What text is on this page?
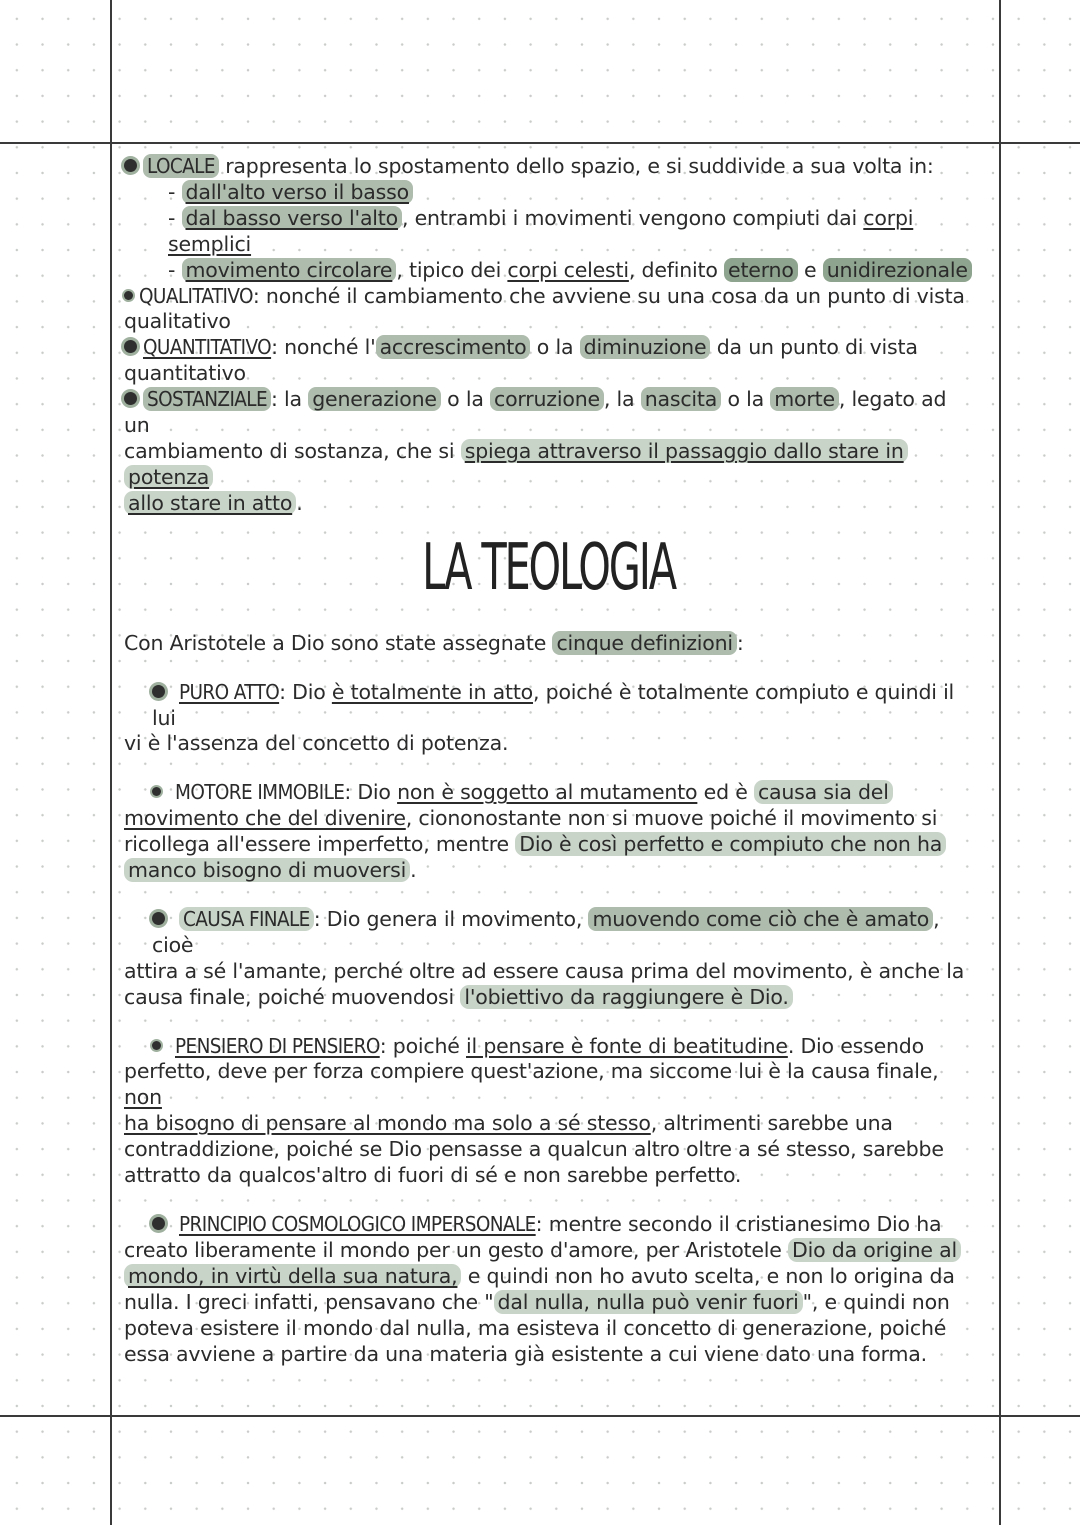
LOCALE rappresenta lo spostamento dello spazio, e si suddivide a sua volta in:
- dall'alto verso il basso
- dal basso verso l'alto , entrambi i movimenti vengono compiuti dai corpi semplici
- movimento circolare , tipico dei corpi celesti, definito eterno e unidirezionale
QUALITATIVO: nonché il cambiamento che avviene su una cosa da un punto di vista
qualitativo
QUANTITATIVO: nonché l' accrescimento o la diminuzione da un punto di vista
quantitativo
SOSTANZIALE : la generazione o la corruzione , la nascita o la morte , legato ad un
cambiamento di sostanza, che si spiega attraverso il passaggio dallo stare in potenza
allo stare in atto .
LA TEOLOGIA
Con Aristotele a Dio sono state assegnate cinque definizioni :
PURO ATTO: Dio è totalmente in atto, poiché è totalmente compiuto e quindi il lui
vi è l'assenza del concetto di potenza.
MOTORE IMMOBILE: Dio non è soggetto al mutamento ed è causa sia del
movimento che del divenire, ciononostante non si muove poiché il movimento si
ricollega all'essere imperfetto, mentre Dio è così perfetto e compiuto che non ha
manco bisogno di muoversi .
CAUSA FINALE : Dio genera il movimento, muovendo come ciò che è amato , cioè
attira a sé l'amante, perché oltre ad essere causa prima del movimento, è anche la
causa finale, poiché muovendosi l'obiettivo da raggiungere è Dio.
PENSIERO DI PENSIERO: poiché il pensare è fonte di beatitudine. Dio essendo
perfetto, deve per forza compiere quest'azione, ma siccome lui è la causa finale, non
ha bisogno di pensare al mondo ma solo a sé stesso, altrimenti sarebbe una
contraddizione, poiché se Dio pensasse a qualcun altro oltre a sé stesso, sarebbe
attratto da qualcos'altro di fuori di sé e non sarebbe perfetto.
PRINCIPIO COSMOLOGICO IMPERSONALE: mentre secondo il cristianesimo Dio ha
creato liberamente il mondo per un gesto d'amore, per Aristotele Dio da origine al
mondo, in virtù della sua natura, e quindi non ho avuto scelta, e non lo origina da
nulla. I greci infatti, pensavano che " dal nulla, nulla può venir fuori ", e quindi non
poteva esistere il mondo dal nulla, ma esisteva il concetto di generazione, poiché
essa avviene a partire da una materia già esistente a cui viene dato una forma.
